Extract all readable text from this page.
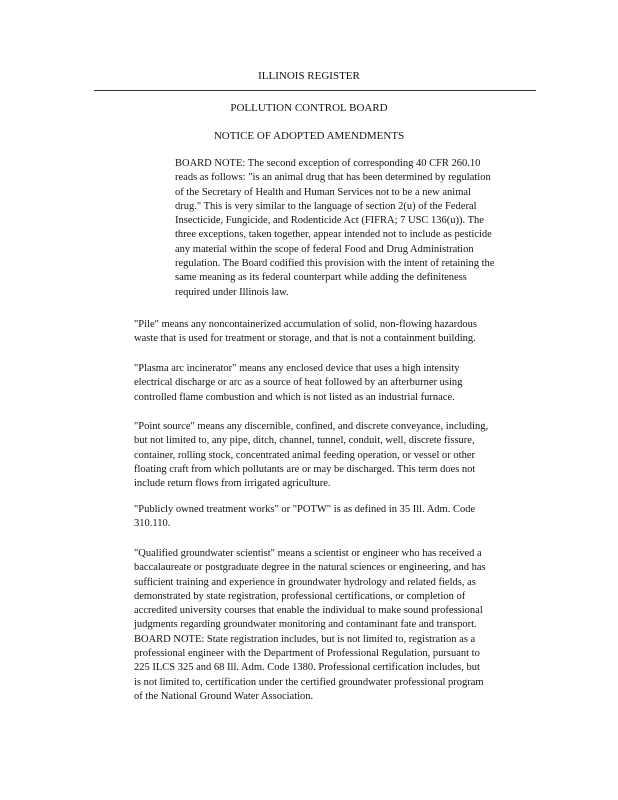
ILLINOIS REGISTER
POLLUTION CONTROL BOARD
NOTICE OF ADOPTED AMENDMENTS
BOARD NOTE: The second exception of corresponding 40 CFR 260.10
reads as follows: "is an animal drug that has been determined by regulation
of the Secretary of Health and Human Services not to be a new animal
drug." This is very similar to the language of section 2(u) of the Federal
Insecticide, Fungicide, and Rodenticide Act (FIFRA; 7 USC 136(u)). The
three exceptions, taken together, appear intended not to include as pesticide
any material within the scope of federal Food and Drug Administration
regulation. The Board codified this provision with the intent of retaining the
same meaning as its federal counterpart while adding the definiteness
required under Illinois law.
"Pile" means any noncontainerized accumulation of solid, non-flowing hazardous
waste that is used for treatment or storage, and that is not a containment building.
"Plasma arc incinerator" means any enclosed device that uses a high intensity
electrical discharge or arc as a source of heat followed by an afterburner using
controlled flame combustion and which is not listed as an industrial furnace.
"Point source" means any discernible, confined, and discrete conveyance, including,
but not limited to, any pipe, ditch, channel, tunnel, conduit, well, discrete fissure,
container, rolling stock, concentrated animal feeding operation, or vessel or other
floating craft from which pollutants are or may be discharged. This term does not
include return flows from irrigated agriculture.
"Publicly owned treatment works" or "POTW" is as defined in 35 Ill. Adm. Code
310.110.
"Qualified groundwater scientist" means a scientist or engineer who has received a
baccalaureate or postgraduate degree in the natural sciences or engineering, and has
sufficient training and experience in groundwater hydrology and related fields, as
demonstrated by state registration, professional certifications, or completion of
accredited university courses that enable the individual to make sound professional
judgments regarding groundwater monitoring and contaminant fate and transport.
BOARD NOTE: State registration includes, but is not limited to, registration as a
professional engineer with the Department of Professional Regulation, pursuant to
225 ILCS 325 and 68 Ill. Adm. Code 1380. Professional certification includes, but
is not limited to, certification under the certified groundwater professional program
of the National Ground Water Association.
